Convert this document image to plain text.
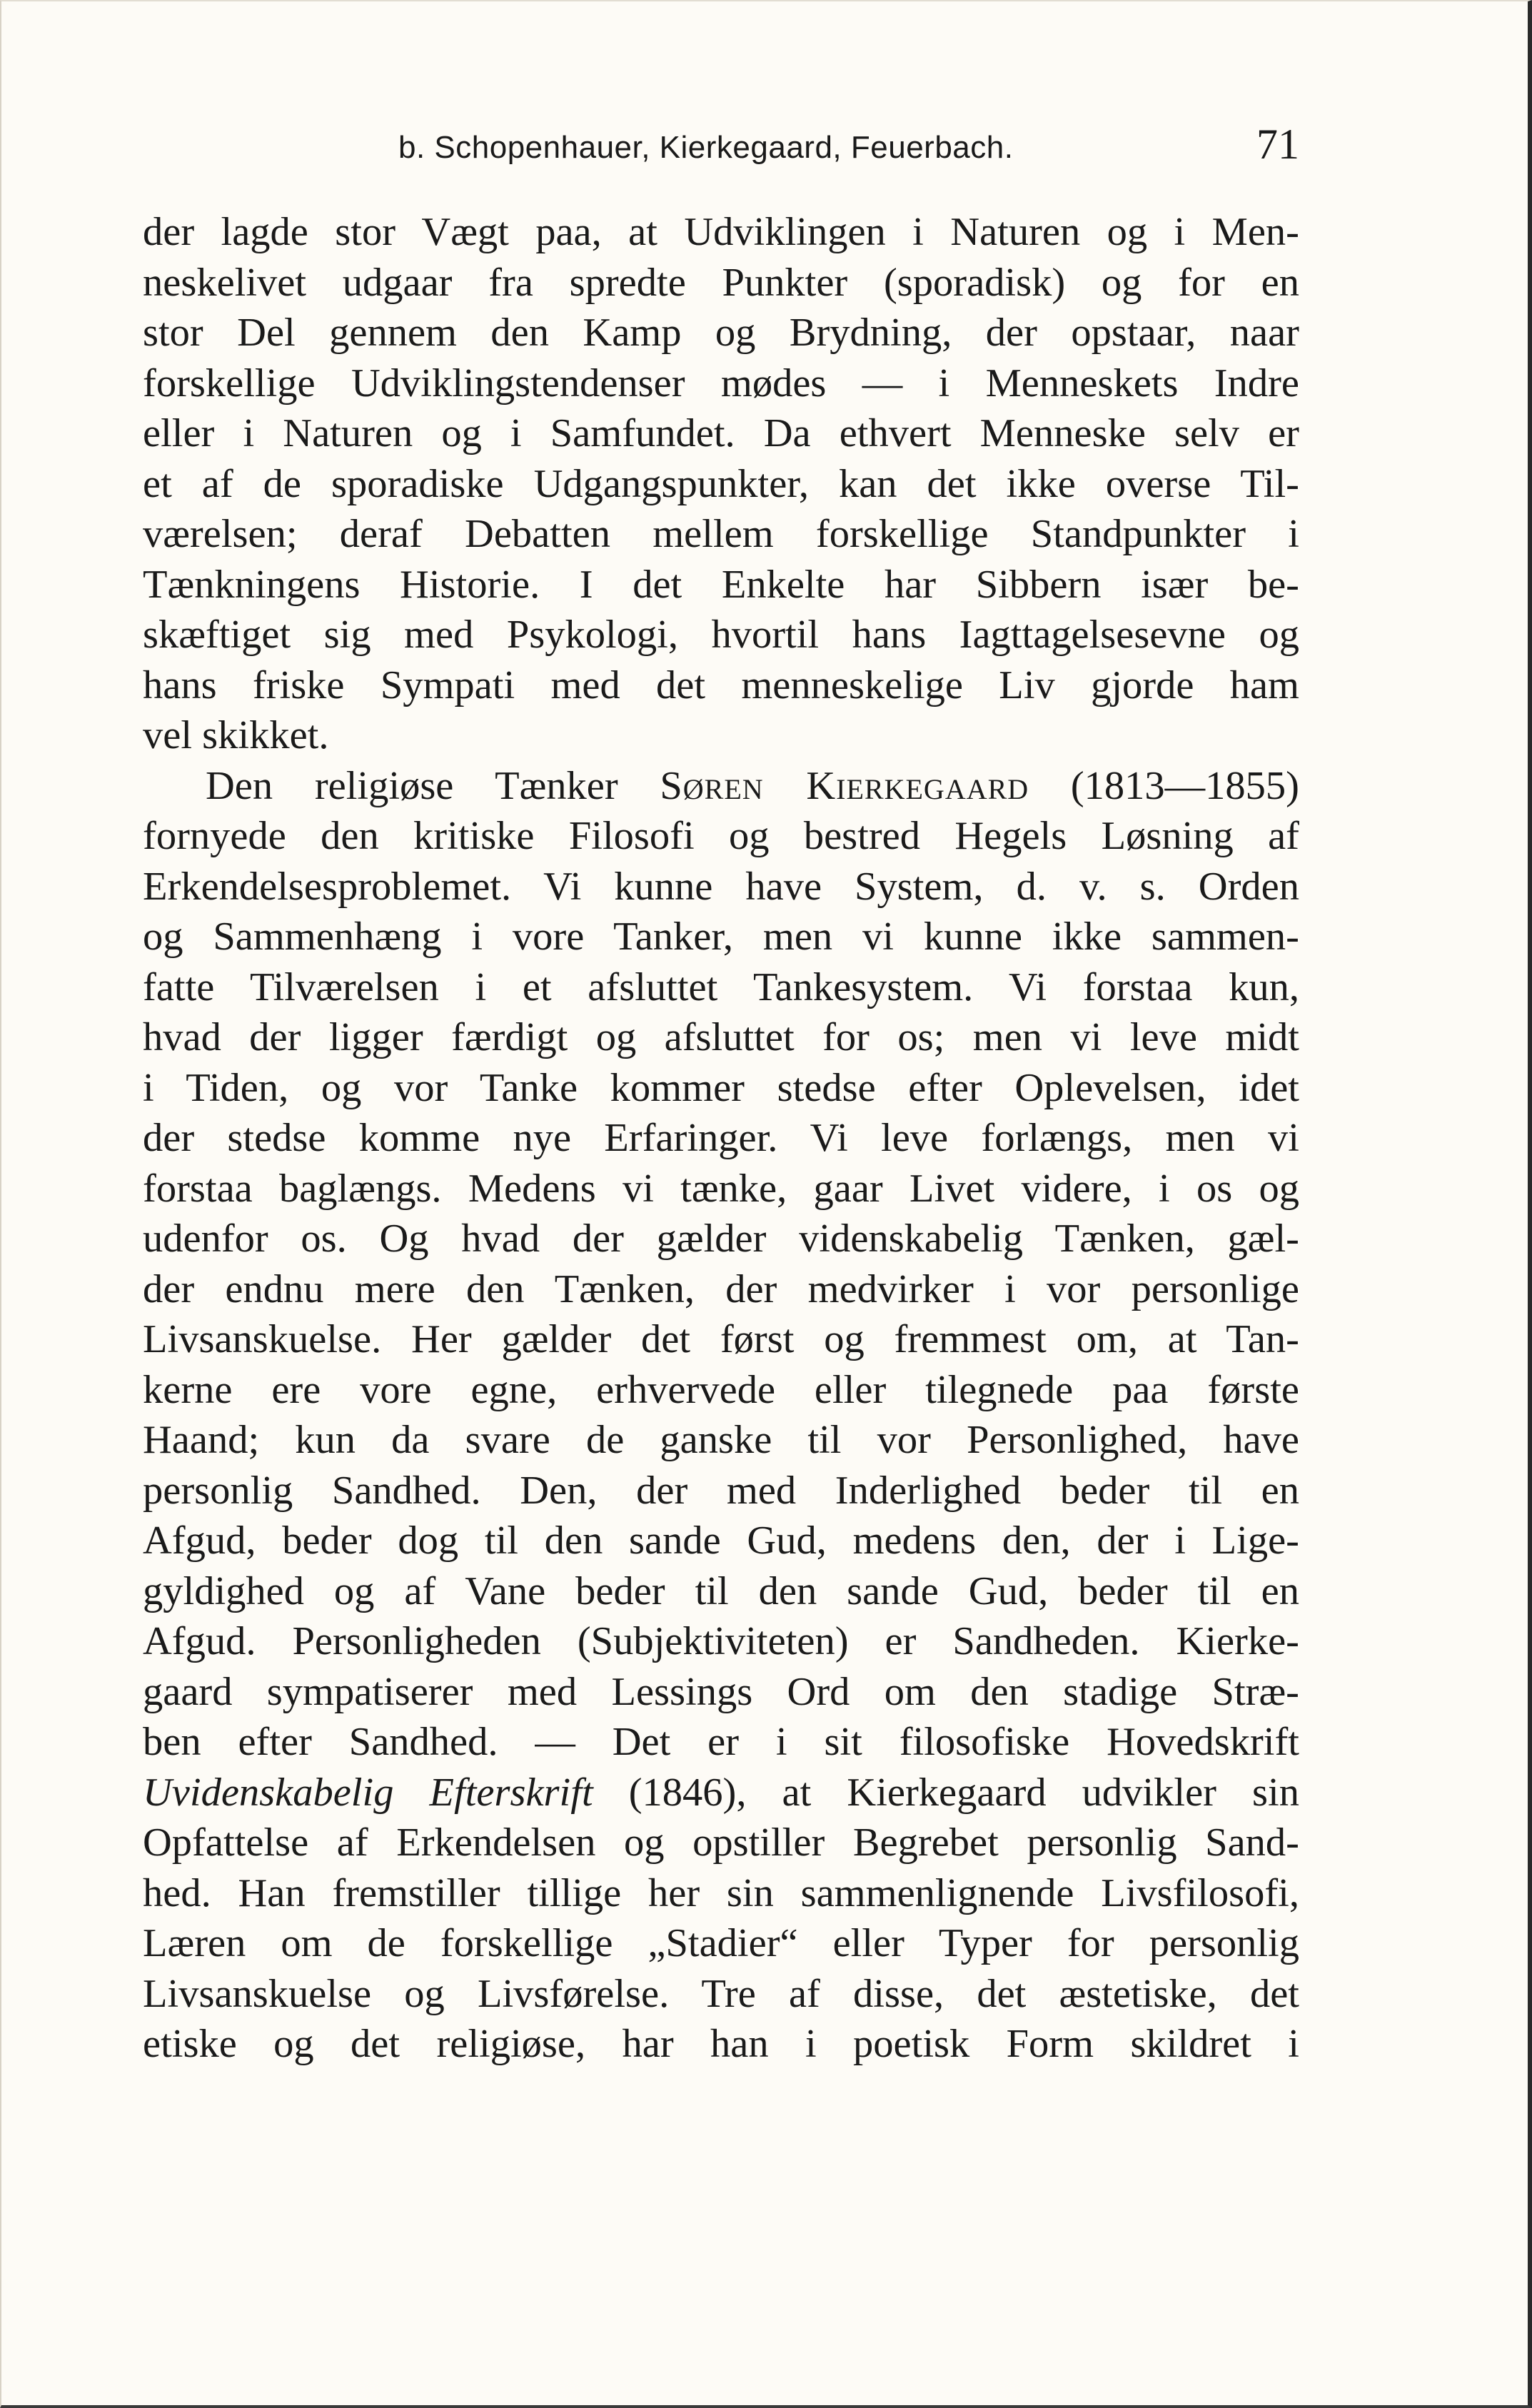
b. Schopenhauer, Kierkegaard, Feuerbach.	71
der lagde stor Vægt paa, at Udviklingen i Naturen og i Men-
neskelivet udgaar fra spredte Punkter (sporadisk) og for en
stor Del gennem den Kamp og Brydning, der opstaar, naar
forskellige Udviklingstendenser mødes — i Menneskets Indre
eller i Naturen og i Samfundet. Da ethvert Menneske selv er
et af de sporadiske Udgangspunkter, kan det ikke overse Til-
værelsen; deraf Debatten mellem forskellige Standpunkter i
Tænkningens Historie. I det Enkelte har Sibbern især be-
skæftiget sig med Psykologi, hvortil hans Iagttagelsesevne og
hans friske Sympati med det menneskelige Liv gjorde ham
vel skikket.
Den religiøse Tænker Søren Kierkegaard (1813—1855)
fornyede den kritiske Filosofi og bestred Hegels Løsning af
Erkendelsesproblemet. Vi kunne have System, d. v. s. Orden
og Sammenhæng i vore Tanker, men vi kunne ikke sammen-
fatte Tilværelsen i et afsluttet Tankesystem. Vi forstaa kun,
hvad der ligger færdigt og afsluttet for os; men vi leve midt
i Tiden, og vor Tanke kommer stedse efter Oplevelsen, idet
der stedse komme nye Erfaringer. Vi leve forlængs, men vi
forstaa baglængs. Medens vi tænke, gaar Livet videre, i os og
udenfor os. Og hvad der gælder videnskabelig Tænken, gæl-
der endnu mere den Tænken, der medvirker i vor personlige
Livsanskuelse. Her gælder det først og fremmest om, at Tan-
kerne ere vore egne, erhvervede eller tilegnede paa første
Haand; kun da svare de ganske til vor Personlighed, have
personlig Sandhed. Den, der med Inderlighed beder til en
Afgud, beder dog til den sande Gud, medens den, der i Lige-
gyldighed og af Vane beder til den sande Gud, beder til en
Afgud. Personligheden (Subjektiviteten) er Sandheden. Kierke-
gaard sympatiserer med Lessings Ord om den stadige Stræ-
ben efter Sandhed. — Det er i sit filosofiske Hovedskrift
Uvidenskabelig Efterskrift (1846), at Kierkegaard udvikler sin
Opfattelse af Erkendelsen og opstiller Begrebet personlig Sand-
hed. Han fremstiller tillige her sin sammenlignende Livsfilosofi,
Læren om de forskellige „Stadier“ eller Typer for personlig
Livsanskuelse og Livsførelse. Tre af disse, det æstetiske, det
etiske og det religiøse, har han i poetisk Form skildret i
